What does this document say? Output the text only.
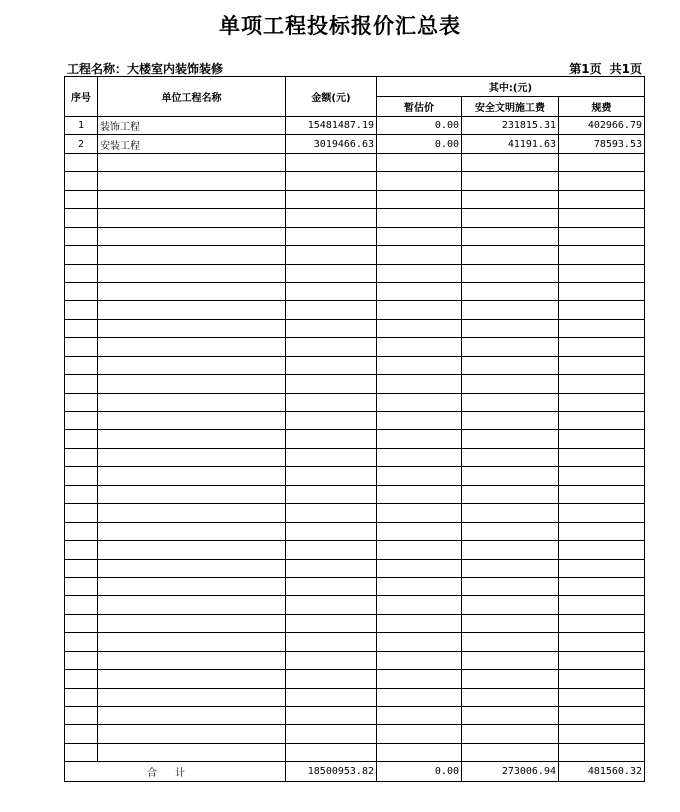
单项工程投标报价汇总表
工程名称：大楼室内装饰装修	第1页 共1页
序号	单位工程名称	金额(元)	其中:(元)		
			暂估价	安全文明施工费	规费
1	装饰工程	15481487.19	0.00	231815.31	402966.79
2	安装工程	3019466.63	0.00	41191.63	78593.53

合计		18500953.82	0.00	273006.94	481560.32
